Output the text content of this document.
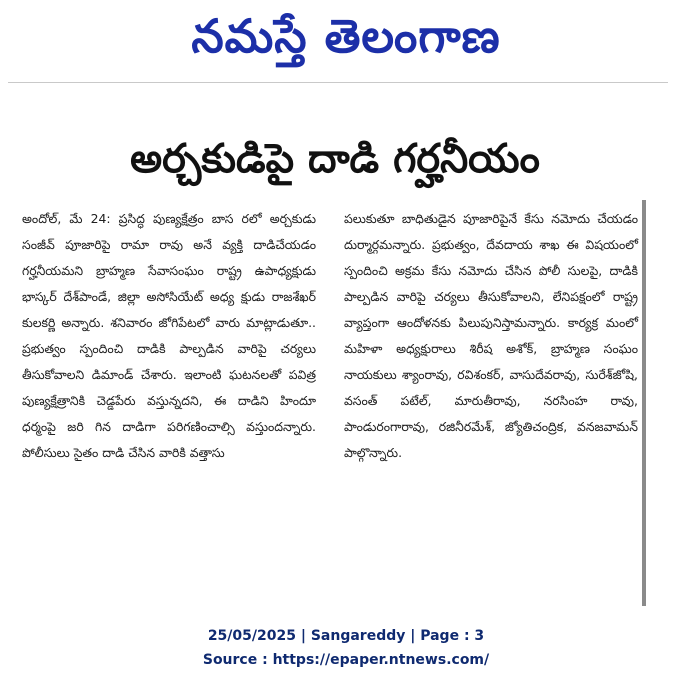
నమస్తే తెలంగాణ
అర్చకుడిపై దాడి గర్హనీయం
అందోల్, మే 24: ప్రసిద్ధ పుణ్యక్షేత్రం బాస రలో అర్చకుడు సంజీవ్ పూజారిపై రామా రావు అనే వ్యక్తి దాడిచేయడం గర్హనీయమని బ్రాహ్మణ సేవాసంఘం రాష్ట్ర ఉపాధ్యక్షుడు భాస్కర్ దేశ్‌పాండే, జిల్లా అసోసియేట్ అధ్య క్షుడు రాజశేఖర్ కులకర్ణి అన్నారు. శనివారం జోగిపేటలో వారు మాట్లాడుతూ.. ప్రభుత్వం స్పందించి దాడికి పాల్పడిన వారిపై చర్యలు తీసుకోవాలని డిమాండ్ చేశారు. ఇలాంటి ఘటనలతో పవిత్ర పుణ్యక్షేత్రానికి చెడ్డపేరు వస్తున్నదని, ఈ దాడిని హిందూ ధర్మంపై జరి గిన దాడిగా పరిగణించాల్సి వస్తుందన్నారు. పోలీసులు సైతం దాడి చేసిన వారికి వత్తాసు
పలుకుతూ బాధితుడైన పూజారిపైనే కేసు నమోదు చేయడం దుర్మార్గమన్నారు. ప్రభుత్వం, దేవదాయ శాఖ ఈ విషయంలో స్పందించి అక్రమ కేసు నమోదు చేసిన పోలీ సులపై, దాడికి పాల్పడిన వారిపై చర్యలు తీసుకోవాలని, లేనిపక్షంలో రాష్ట్ర వ్యాప్తంగా ఆందోళనకు పిలుపునిస్తామన్నారు. కార్యక్ర మంలో మహిళా అధ్యక్షురాలు శిరీష అశోక్, బ్రాహ్మణ సంఘం నాయకులు శ్యాంరావు, రవిశంకర్, వాసుదేవరావు, సురేశ్‌జోషి, వసంత్ పటేల్, మారుతీరావు, నరసింహ రావు, పాండురంగారావు, రజినీరమేశ్, జ్యోతిచంద్రిక, వనజవామన్ పాల్గొన్నారు.
25/05/2025 | Sangareddy | Page : 3
Source : https://epaper.ntnews.com/
